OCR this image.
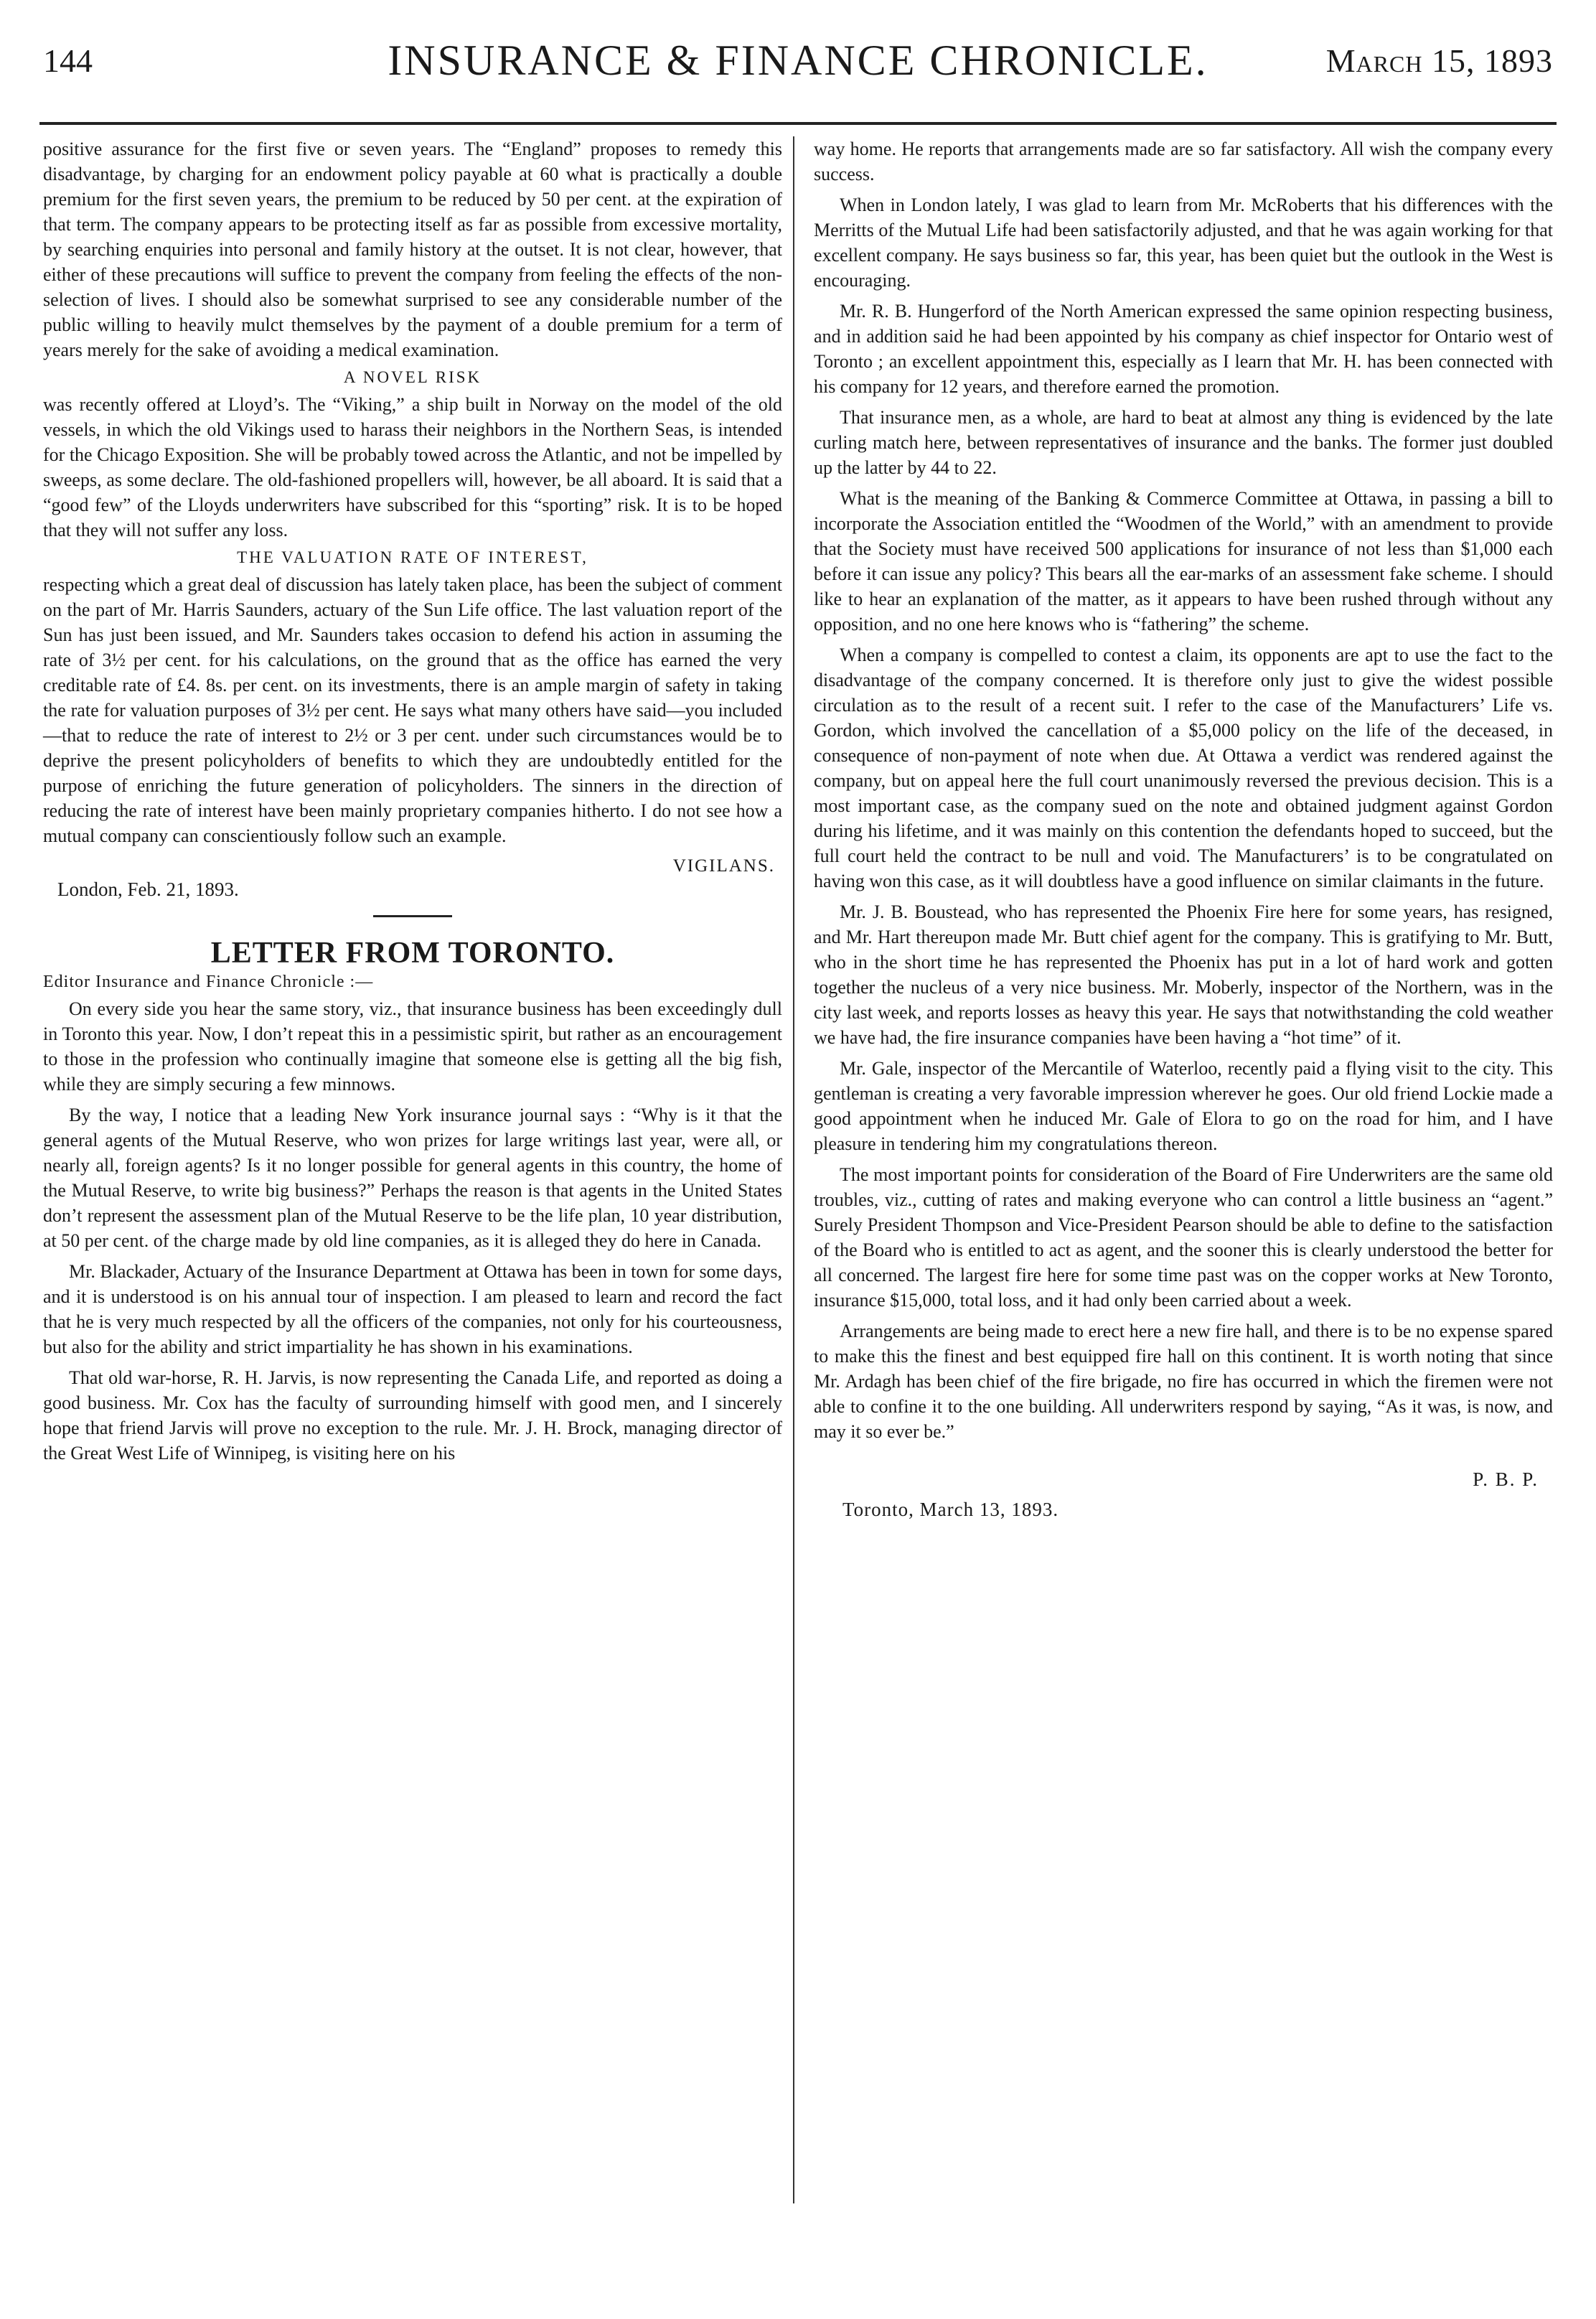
144	INSURANCE & FINANCE CHRONICLE.	March 15, 1893

positive assurance for the first five or seven years. The “England” proposes to remedy this disadvantage, by charging for an endowment policy payable at 60 what is practically a double premium for the first seven years, the premium to be reduced by 50 per cent. at the expiration of that term. The company appears to be protecting itself as far as possible from excessive mortality, by searching enquiries into personal and family history at the outset. It is not clear, however, that either of these precautions will suffice to prevent the company from feeling the effects of the non-selection of lives. I should also be somewhat surprised to see any considerable number of the public willing to heavily mulct themselves by the payment of a double premium for a term of years merely for the sake of avoiding a medical examination.

A NOVEL RISK

was recently offered at Lloyd’s. The “Viking,” a ship built in Norway on the model of the old vessels, in which the old Vikings used to harass their neighbors in the Northern Seas, is intended for the Chicago Exposition. She will be probably towed across the Atlantic, and not be impelled by sweeps, as some declare. The old-fashioned propellers will, however, be all aboard. It is said that a “good few” of the Lloyds underwriters have subscribed for this “sporting” risk. It is to be hoped that they will not suffer any loss.

THE VALUATION RATE OF INTEREST,

respecting which a great deal of discussion has lately taken place, has been the subject of comment on the part of Mr. Harris Saunders, actuary of the Sun Life office. The last valuation report of the Sun has just been issued, and Mr. Saunders takes occasion to defend his action in assuming the rate of 3½ per cent. for his calculations, on the ground that as the office has earned the very creditable rate of £4. 8s. per cent. on its investments, there is an ample margin of safety in taking the rate for valuation purposes of 3½ per cent. He says what many others have said—you included—that to reduce the rate of interest to 2½ or 3 per cent. under such circumstances would be to deprive the present policyholders of benefits to which they are undoubtedly entitled for the purpose of enriching the future generation of policyholders. The sinners in the direction of reducing the rate of interest have been mainly proprietary companies hitherto. I do not see how a mutual company can conscientiously follow such an example.

VIGILANS.
London, Feb. 21, 1893.
LETTER FROM TORONTO.
Editor Insurance and Finance Chronicle :—

On every side you hear the same story, viz., that insurance business has been exceedingly dull in Toronto this year. Now, I don’t repeat this in a pessimistic spirit, but rather as an encouragement to those in the profession who continually imagine that someone else is getting all the big fish, while they are simply securing a few minnows.

By the way, I notice that a leading New York insurance journal says : “Why is it that the general agents of the Mutual Reserve, who won prizes for large writings last year, were all, or nearly all, foreign agents? Is it no longer possible for general agents in this country, the home of the Mutual Reserve, to write big business?” Perhaps the reason is that agents in the United States don’t represent the assessment plan of the Mutual Reserve to be the life plan, 10 year distribution, at 50 per cent. of the charge made by old line companies, as it is alleged they do here in Canada.

Mr. Blackader, Actuary of the Insurance Department at Ottawa has been in town for some days, and it is understood is on his annual tour of inspection. I am pleased to learn and record the fact that he is very much respected by all the officers of the companies, not only for his courteousness, but also for the ability and strict impartiality he has shown in his examinations.

That old war-horse, R. H. Jarvis, is now representing the Canada Life, and reported as doing a good business. Mr. Cox has the faculty of surrounding himself with good men, and I sincerely hope that friend Jarvis will prove no exception to the rule. Mr. J. H. Brock, managing director of the Great West Life of Winnipeg, is visiting here on his

way home. He reports that arrangements made are so far satisfactory. All wish the company every success.

When in London lately, I was glad to learn from Mr. McRoberts that his differences with the Merritts of the Mutual Life had been satisfactorily adjusted, and that he was again working for that excellent company. He says business so far, this year, has been quiet but the outlook in the West is encouraging.

Mr. R. B. Hungerford of the North American expressed the same opinion respecting business, and in addition said he had been appointed by his company as chief inspector for Ontario west of Toronto ; an excellent appointment this, especially as I learn that Mr. H. has been connected with his company for 12 years, and therefore earned the promotion.

That insurance men, as a whole, are hard to beat at almost any thing is evidenced by the late curling match here, between representatives of insurance and the banks. The former just doubled up the latter by 44 to 22.

What is the meaning of the Banking & Commerce Committee at Ottawa, in passing a bill to incorporate the Association entitled the “Woodmen of the World,” with an amendment to provide that the Society must have received 500 applications for insurance of not less than $1,000 each before it can issue any policy? This bears all the ear-marks of an assessment fake scheme. I should like to hear an explanation of the matter, as it appears to have been rushed through without any opposition, and no one here knows who is “fathering” the scheme.

When a company is compelled to contest a claim, its opponents are apt to use the fact to the disadvantage of the company concerned. It is therefore only just to give the widest possible circulation as to the result of a recent suit. I refer to the case of the Manufacturers’ Life vs. Gordon, which involved the cancellation of a $5,000 policy on the life of the deceased, in consequence of non-payment of note when due. At Ottawa a verdict was rendered against the company, but on appeal here the full court unanimously reversed the previous decision. This is a most important case, as the company sued on the note and obtained judgment against Gordon during his lifetime, and it was mainly on this contention the defendants hoped to succeed, but the full court held the contract to be null and void. The Manufacturers’ is to be congratulated on having won this case, as it will doubtless have a good influence on similar claimants in the future.

Mr. J. B. Boustead, who has represented the Phoenix Fire here for some years, has resigned, and Mr. Hart thereupon made Mr. Butt chief agent for the company. This is gratifying to Mr. Butt, who in the short time he has represented the Phoenix has put in a lot of hard work and gotten together the nucleus of a very nice business. Mr. Moberly, inspector of the Northern, was in the city last week, and reports losses as heavy this year. He says that notwithstanding the cold weather we have had, the fire insurance companies have been having a “hot time” of it.

Mr. Gale, inspector of the Mercantile of Waterloo, recently paid a flying visit to the city. This gentleman is creating a very favorable impression wherever he goes. Our old friend Lockie made a good appointment when he induced Mr. Gale of Elora to go on the road for him, and I have pleasure in tendering him my congratulations thereon.

The most important points for consideration of the Board of Fire Underwriters are the same old troubles, viz., cutting of rates and making everyone who can control a little business an “agent.” Surely President Thompson and Vice-President Pearson should be able to define to the satisfaction of the Board who is entitled to act as agent, and the sooner this is clearly understood the better for all concerned. The largest fire here for some time past was on the copper works at New Toronto, insurance $15,000, total loss, and it had only been carried about a week.

Arrangements are being made to erect here a new fire hall, and there is to be no expense spared to make this the finest and best equipped fire hall on this continent. It is worth noting that since Mr. Ardagh has been chief of the fire brigade, no fire has occurred in which the firemen were not able to confine it to the one building. All underwriters respond by saying, “As it was, is now, and may it so ever be.”

P. B. P.
Toronto, March 13, 1893.
